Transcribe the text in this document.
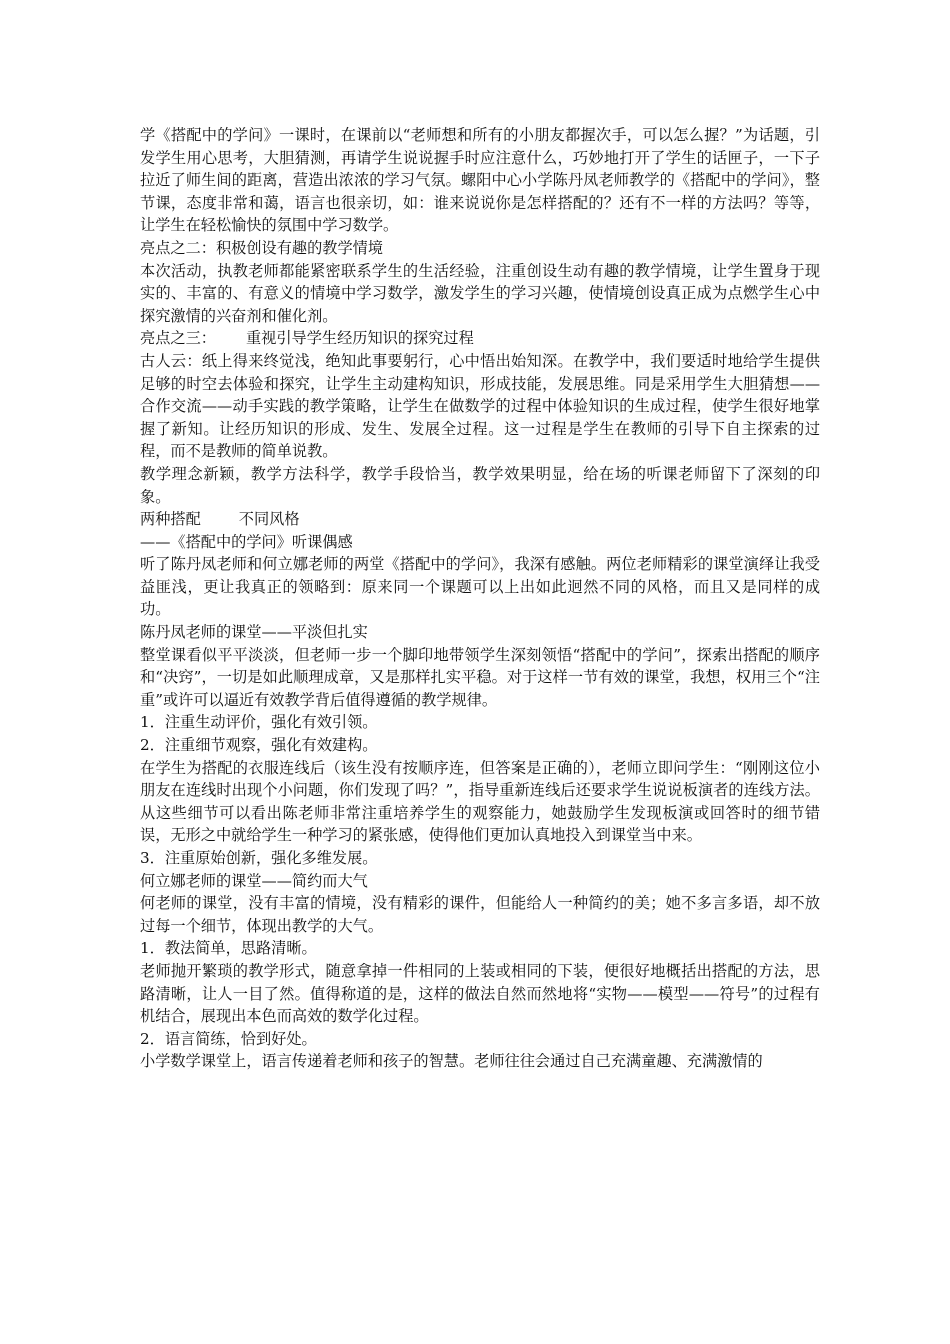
学《搭配中的学问》一课时，在课前以“老师想和所有的小朋友都握次手，可以怎么握？”为话题，引发学生用心思考，大胆猜测，再请学生说说握手时应注意什么，巧妙地打开了学生的话匣子，一下子拉近了师生间的距离，营造出浓浓的学习气氛。螺阳中心小学陈丹凤老师教学的《搭配中的学问》，整节课，态度非常和蔼，语言也很亲切，如：谁来说说你是怎样搭配的？还有不一样的方法吗？等等，让学生在轻松愉快的氛围中学习数学。

亮点之二：积极创设有趣的教学情境

本次活动，执教老师都能紧密联系学生的生活经验，注重创设生动有趣的教学情境，让学生置身于现实的、丰富的、有意义的情境中学习数学，激发学生的学习兴趣，使情境创设真正成为点燃学生心中探究激情的兴奋剂和催化剂。

亮点之三： 重视引导学生经历知识的探究过程

古人云：纸上得来终觉浅，绝知此事要躬行，心中悟出始知深。在教学中，我们要适时地给学生提供足够的时空去体验和探究，让学生主动建构知识，形成技能，发展思维。同是采用学生大胆猜想——合作交流——动手实践的教学策略，让学生在做数学的过程中体验知识的生成过程，使学生很好地掌握了新知。让经历知识的形成、发生、发展全过程。这一过程是学生在教师的引导下自主探索的过程，而不是教师的简单说教。

教学理念新颖，教学方法科学，教学手段恰当，教学效果明显，给在场的听课老师留下了深刻的印象。

两种搭配	不同风格

——《搭配中的学问》听课偶感

听了陈丹凤老师和何立娜老师的两堂《搭配中的学问》，我深有感触。两位老师精彩的课堂演绎让我受益匪浅，更让我真正的领略到：原来同一个课题可以上出如此迥然不同的风格，而且又是同样的成功。

陈丹凤老师的课堂——平淡但扎实

整堂课看似平平淡淡，但老师一步一个脚印地带领学生深刻领悟“搭配中的学问”，探索出搭配的顺序和“决窍”，一切是如此顺理成章，又是那样扎实平稳。对于这样一节有效的课堂，我想，权用三个“注重”或许可以逼近有效教学背后值得遵循的教学规律。

1．注重生动评价，强化有效引领。

2．注重细节观察，强化有效建构。

在学生为搭配的衣服连线后（该生没有按顺序连，但答案是正确的），老师立即问学生：“刚刚这位小朋友在连线时出现个小问题，你们发现了吗？”，指导重新连线后还要求学生说说板演者的连线方法。从这些细节可以看出陈老师非常注重培养学生的观察能力，她鼓励学生发现板演或回答时的细节错误，无形之中就给学生一种学习的紧张感，使得他们更加认真地投入到课堂当中来。

3．注重原始创新，强化多维发展。

何立娜老师的课堂——简约而大气

何老师的课堂，没有丰富的情境，没有精彩的课件，但能给人一种简约的美；她不多言多语，却不放过每一个细节，体现出教学的大气。

1．教法简单，思路清晰。

老师抛开繁琐的教学形式，随意拿掉一件相同的上装或相同的下装，便很好地概括出搭配的方法，思路清晰，让人一目了然。值得称道的是，这样的做法自然而然地将“实物——模型——符号”的过程有机结合，展现出本色而高效的数学化过程。

2．语言简练，恰到好处。

小学数学课堂上，语言传递着老师和孩子的智慧。老师往往会通过自己充满童趣、充满激情的
